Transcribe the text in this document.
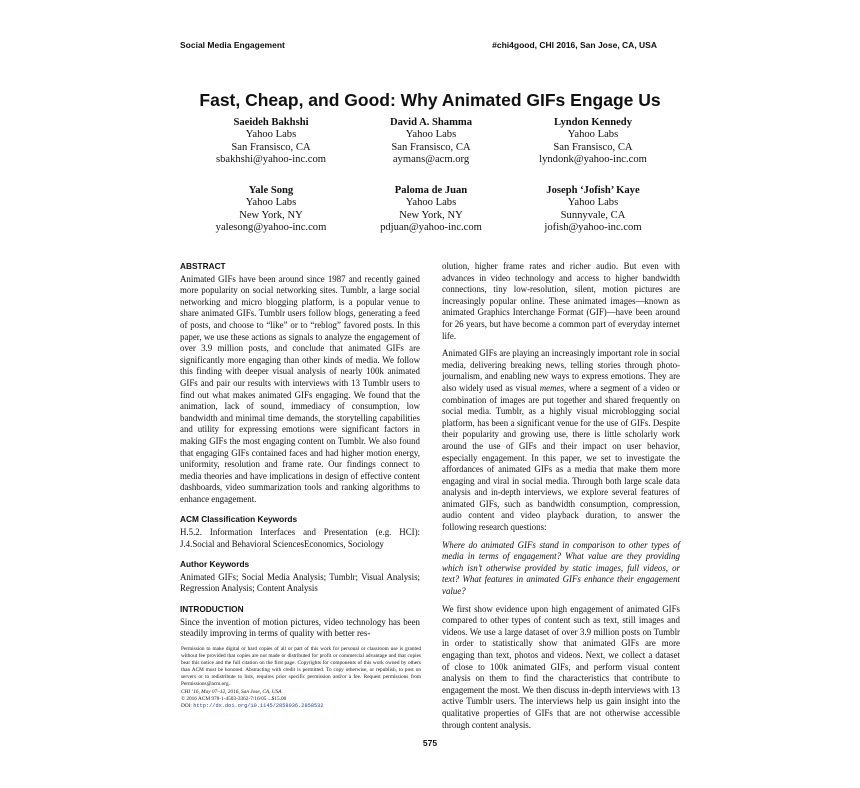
Social Media Engagement	#chi4good, CHI 2016, San Jose, CA, USA
Fast, Cheap, and Good: Why Animated GIFs Engage Us
Saeideh Bakhshi
Yahoo Labs
San Fransisco, CA
sbakhshi@yahoo-inc.com
David A. Shamma
Yahoo Labs
San Fransisco, CA
aymans@acm.org
Lyndon Kennedy
Yahoo Labs
San Fransisco, CA
lyndonk@yahoo-inc.com
Yale Song
Yahoo Labs
New York, NY
yalesong@yahoo-inc.com
Paloma de Juan
Yahoo Labs
New York, NY
pdjuan@yahoo-inc.com
Joseph ‘Jofish’ Kaye
Yahoo Labs
Sunnyvale, CA
jofish@yahoo-inc.com
ABSTRACT
Animated GIFs have been around since 1987 and recently gained more popularity on social networking sites. Tumblr, a large social networking and micro blogging platform, is a popular venue to share animated GIFs. Tumblr users follow blogs, generating a feed of posts, and choose to “like” or to “reblog” favored posts. In this paper, we use these actions as signals to analyze the engagement of over 3.9 million posts, and conclude that animated GIFs are significantly more engaging than other kinds of media. We follow this finding with deeper visual analysis of nearly 100k animated GIFs and pair our results with interviews with 13 Tumblr users to find out what makes animated GIFs engaging. We found that the animation, lack of sound, immediacy of consumption, low bandwidth and minimal time demands, the storytelling capabilities and utility for expressing emotions were significant factors in making GIFs the most engaging content on Tumblr. We also found that engaging GIFs contained faces and had higher motion energy, uniformity, resolution and frame rate. Our findings connect to media theories and have implications in design of effective content dashboards, video summarization tools and ranking algorithms to enhance engagement.
ACM Classification Keywords
H.5.2. Information Interfaces and Presentation (e.g. HCI): J.4.Social and Behavioral SciencesEconomics, Sociology
Author Keywords
Animated GIFs; Social Media Analysis; Tumblr; Visual Analysis; Regression Analysis; Content Analysis
INTRODUCTION
Since the invention of motion pictures, video technology has been steadily improving in terms of quality with better res-
Permission to make digital or hard copies of all or part of this work for personal or classroom use is granted without fee provided that copies are not made or distributed for profit or commercial advantage and that copies bear this notice and the full citation on the first page. Copyrights for components of this work owned by others than ACM must be honored. Abstracting with credit is permitted. To copy otherwise, or republish, to post on servers or to redistribute to lists, requires prior specific permission and/or a fee. Request permissions from Permissions@acm.org.
CHI ’16, May 07–12, 2016, San Jose, CA, USA
© 2016 ACM 978-1-4503-3362-7/16/05 ...$15.00
DOI: http://dx.doi.org/10.1145/2858036.2858532

olution, higher frame rates and richer audio. But even with advances in video technology and access to higher bandwidth connections, tiny low-resolution, silent, motion pictures are increasingly popular online. These animated images—known as animated Graphics Interchange Format (GIF)—have been around for 26 years, but have become a common part of everyday internet life.

Animated GIFs are playing an increasingly important role in social media, delivering breaking news, telling stories through photo-journalism, and enabling new ways to express emotions. They are also widely used as visual memes, where a segment of a video or combination of images are put together and shared frequently on social media. Tumblr, as a highly visual microblogging social platform, has been a significant venue for the use of GIFs. Despite their popularity and growing use, there is little scholarly work around the use of GIFs and their impact on user behavior, especially engagement. In this paper, we set to investigate the affordances of animated GIFs as a media that make them more engaging and viral in social media. Through both large scale data analysis and in-depth interviews, we explore several features of animated GIFs, such as bandwidth consumption, compression, audio content and video playback duration, to answer the following research questions:

Where do animated GIFs stand in comparison to other types of media in terms of engagement? What value are they providing which isn’t otherwise provided by static images, full videos, or text? What features in animated GIFs enhance their engagement value?

We first show evidence upon high engagement of animated GIFs compared to other types of content such as text, still images and videos. We use a large dataset of over 3.9 million posts on Tumblr in order to statistically show that animated GIFs are more engaging than text, photos and videos. Next, we collect a dataset of close to 100k animated GIFs, and perform visual content analysis on them to find the characteristics that contribute to engagement the most. We then discuss in-depth interviews with 13 active Tumblr users. The interviews help us gain insight into the qualitative properties of GIFs that are not otherwise accessible through content analysis.

575
